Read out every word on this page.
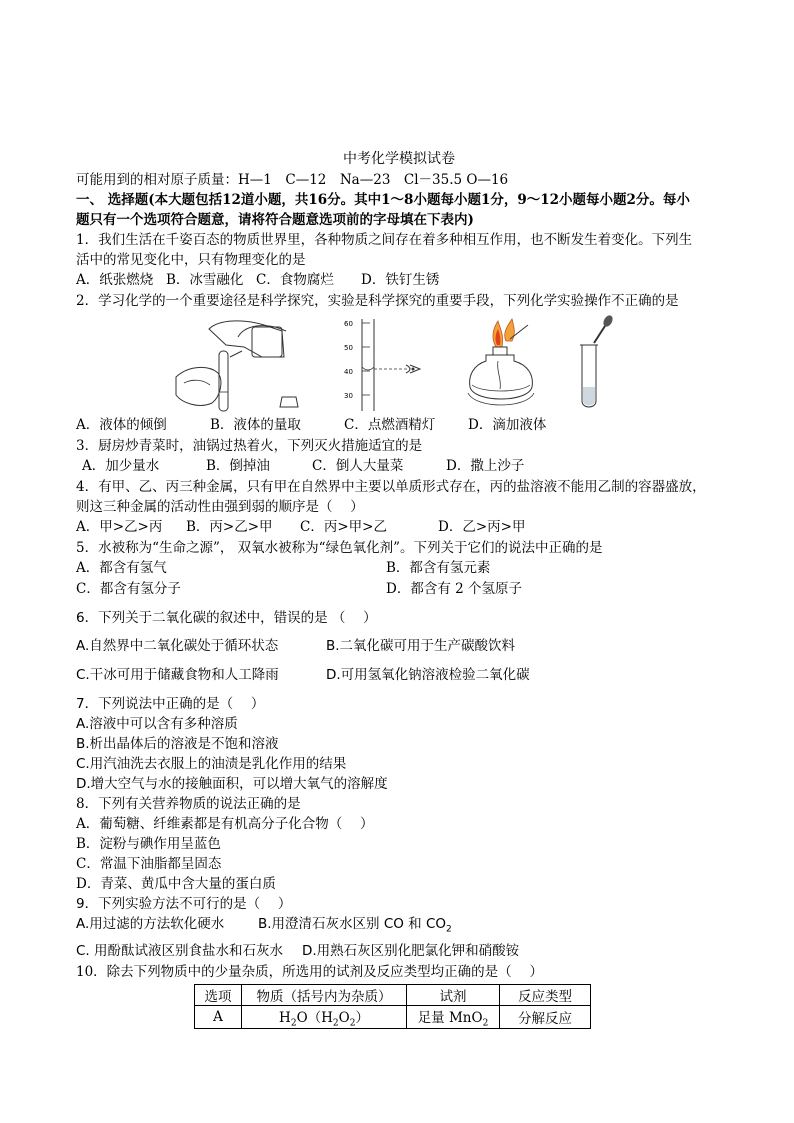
中考化学模拟试卷
可能用到的相对原子质量：H—1　C—12　Na—23　Cl－35.5 O—16
一、 选择题(本大题包括12道小题，共16分。其中1～8小题每小题1分，9～12小题每小题2分。每小
题只有一个选项符合题意，请将符合题意选项前的字母填在下表内)
1．我们生活在千姿百态的物质世界里，各种物质之间存在着多种相互作用，也不断发生着变化。下列生
活中的常见变化中，只有物理变化的是
A．纸张燃烧 B．冰雪融化 C．食物腐烂	D．铁钉生锈
2．学习化学的一个重要途径是科学探究，实验是科学探究的重要手段，下列化学实验操作不正确的是
60
50
40
30
A．液体的倾倒	B．液体的量取	C．点燃酒精灯	D．滴加液体
3．厨房炒青菜时，油锅过热着火，下列灭火措施适宜的是
A．加少量水	B．倒掉油	C．倒人大量菜	D．撒上沙子
4．有甲、乙、丙三种金属，只有甲在自然界中主要以单质形式存在，丙的盐溶液不能用乙制的容器盛放，
则这三种金属的活动性由强到弱的顺序是（　 ）
A．甲>乙>丙	B．丙>乙>甲	C．丙>甲>乙	D．乙>丙>甲
5．水被称为“生命之源”， 双氧水被称为“绿色氧化剂”。下列关于它们的说法中正确的是
A．都含有氢气	B．都含有氢元素
C．都含有氢分子	D．都含有 2 个氢原子
6．下列关于二氧化碳的叙述中，错误的是 （　 ）
A.自然界中二氧化碳处于循环状态	B.二氧化碳可用于生产碳酸饮料
C.干冰可用于储藏食物和人工降雨	D.可用氢氧化钠溶液检验二氧化碳
7．下列说法中正确的是（　 ）
A.溶液中可以含有多种溶质
B.析出晶体后的溶液是不饱和溶液
C.用汽油洗去衣服上的油渍是乳化作用的结果
D.增大空气与水的接触面积，可以增大氧气的溶解度
8．下列有关营养物质的说法正确的是
A．葡萄糖、纤维素都是有机高分子化合物（　 ）
B．淀粉与碘作用呈蓝色
C．常温下油脂都呈固态
D．青菜、黄瓜中含大量的蛋白质
9．下列实验方法不可行的是（　 ）
A.用过滤的方法软化硬水	B.用澄清石灰水区别 CO 和 $CO_2$
C. 用酚酞试液区别食盐水和石灰水	D.用熟石灰区别化肥氯化钾和硝酸铵
10．除去下列物质中的少量杂质，所选用的试剂及反应类型均正确的是（　 ）
选项	物质（括号内为杂质）	试剂	反应类型
A	$H_2O(H_2O_2)$	足量 MnO$_2$	分解反应
